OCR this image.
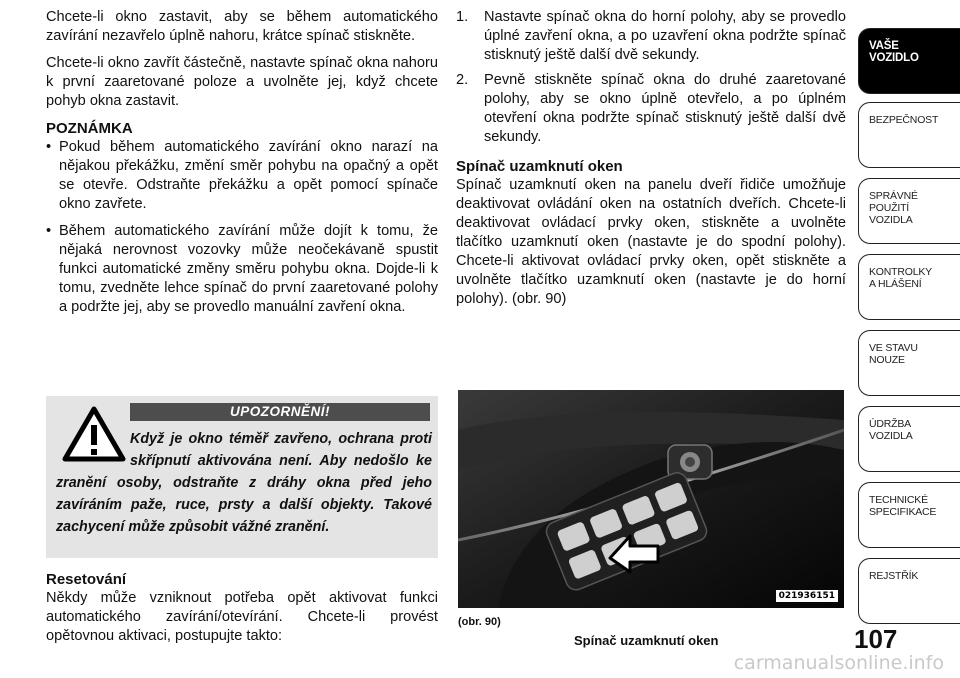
Chcete-li okno zastavit, aby se během automatického zavírání nezavřelo úplně nahoru, krátce spínač stiskněte.

Chcete-li okno zavřít částečně, nastavte spínač okna nahoru k první zaaretované poloze a uvolněte jej, když chcete pohyb okna zastavit.

POZNÁMKA
• Pokud během automatického zavírání okno narazí na nějakou překážku, změní směr pohybu na opačný a opět se otevře. Odstraňte překážku a opět pomocí spínače okno zavřete.
• Během automatického zavírání může dojít k tomu, že nějaká nerovnost vozovky může neočekávaně spustit funkci automatické změny směru pohybu okna. Dojde-li k tomu, zvedněte lehce spínač do první zaaretované polohy a podržte jej, aby se provedlo manuální zavření okna.
UPOZORNĚNÍ!
Když je okno téměř zavřeno, ochrana proti skřípnutí aktivována není. Aby nedošlo ke zranění osoby, odstraňte z dráhy okna před jeho zavíráním paže, ruce, prsty a další objekty. Takové zachycení může způsobit vážné zranění.
Resetování

Někdy může vzniknout potřeba opět aktivovat funkci automatického zavírání/otevírání. Chcete-li provést opětovnou aktivaci, postupujte takto:

1.	Nastavte spínač okna do horní polohy, aby se provedlo úplné zavření okna, a po uzavření okna podržte spínač stisknutý ještě další dvě sekundy.
2.	Pevně stiskněte spínač okna do druhé zaaretované polohy, aby se okno úplně otevřelo, a po úplném otevření okna podržte spínač stisknutý ještě další dvě sekundy.
Spínač uzamknutí oken

Spínač uzamknutí oken na panelu dveří řidiče umožňuje deaktivovat ovládání oken na ostatních dveřích. Chcete-li deaktivovat ovládací prvky oken, stiskněte a uvolněte tlačítko uzamknutí oken (nastavte je do spodní polohy). Chcete-li aktivovat ovládací prvky oken, opět stiskněte a uvolněte tlačítko uzamknutí oken (nastavte je do horní polohy). (obr. 90)

021936151
(obr. 90)
Spínač uzamknutí oken	107
VAŠE
VOZIDLO
BEZPEČNOST
SPRÁVNÉ
POUŽITÍ
VOZIDLA
KONTROLKY
A HLÁŠENÍ
VE STAVU
NOUZE
ÚDRŽBA
VOZIDLA
TECHNICKÉ
SPECIFIKACE
REJSTŘÍK
carmanualsonline.info
